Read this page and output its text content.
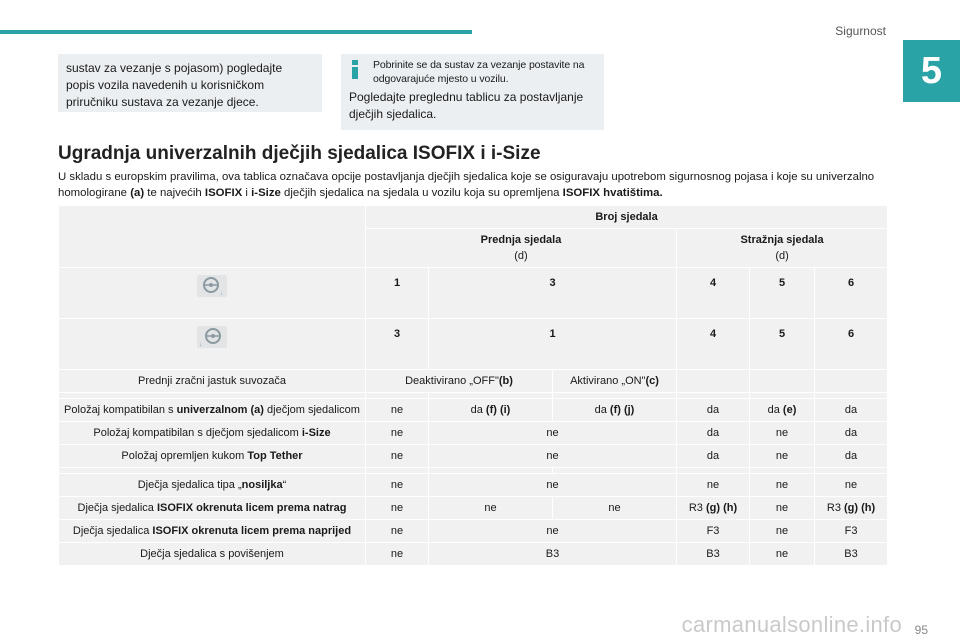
Sigurnost
5
sustav za vezanje s pojasom) pogledajte popis vozila navedenih u korisničkom priručniku sustava za vezanje djece.
Pobrinite se da sustav za vezanje postavite na odgovarajuće mjesto u vozilu.
Pogledajte preglednu tablicu za postavljanje dječjih sjedalica.
Ugradnja univerzalnih dječjih sjedalica ISOFIX i i-Size

U skladu s europskim pravilima, ova tablica označava opcije postavljanja dječjih sjedalica koje se osiguravaju upotrebom sigurnosnog pojasa i koje su univerzalno homologirane (a) te najvećih ISOFIX i i-Size dječjih sjedalica na sjedala u vozilu koja su opremljena ISOFIX hvatištima.

	Broj sjedala					
	Prednja sjedala
(d)			Stražnja sjedala
(d)		

↓	1	3		4	5	6

↓	3	1		4	5	6
Prednji zračni jastuk suvozača	Deaktivirano „OFF"(b)		Aktivirano „ON"(c)			

Položaj kompatibilan s univerzalnom (a) dječjom sjedalicom	ne	da (f) (i)	da (f) (j)	da	da (e)	da
Položaj kompatibilan s dječjom sjedalicom i-Size	ne	ne		da	ne	da
Položaj opremljen kukom Top Tether	ne	ne		da	ne	da

Dječja sjedalica tipa „nosiljka“	ne	ne		ne	ne	ne
Dječja sjedalica ISOFIX okrenuta licem prema natrag	ne	ne	ne	R3 (g) (h)	ne	R3 (g) (h)
Dječja sjedalica ISOFIX okrenuta licem prema naprijed	ne	ne		F3	ne	F3
Dječja sjedalica s povišenjem	ne	B3		B3	ne	B3
carmanualsonline.info 95
